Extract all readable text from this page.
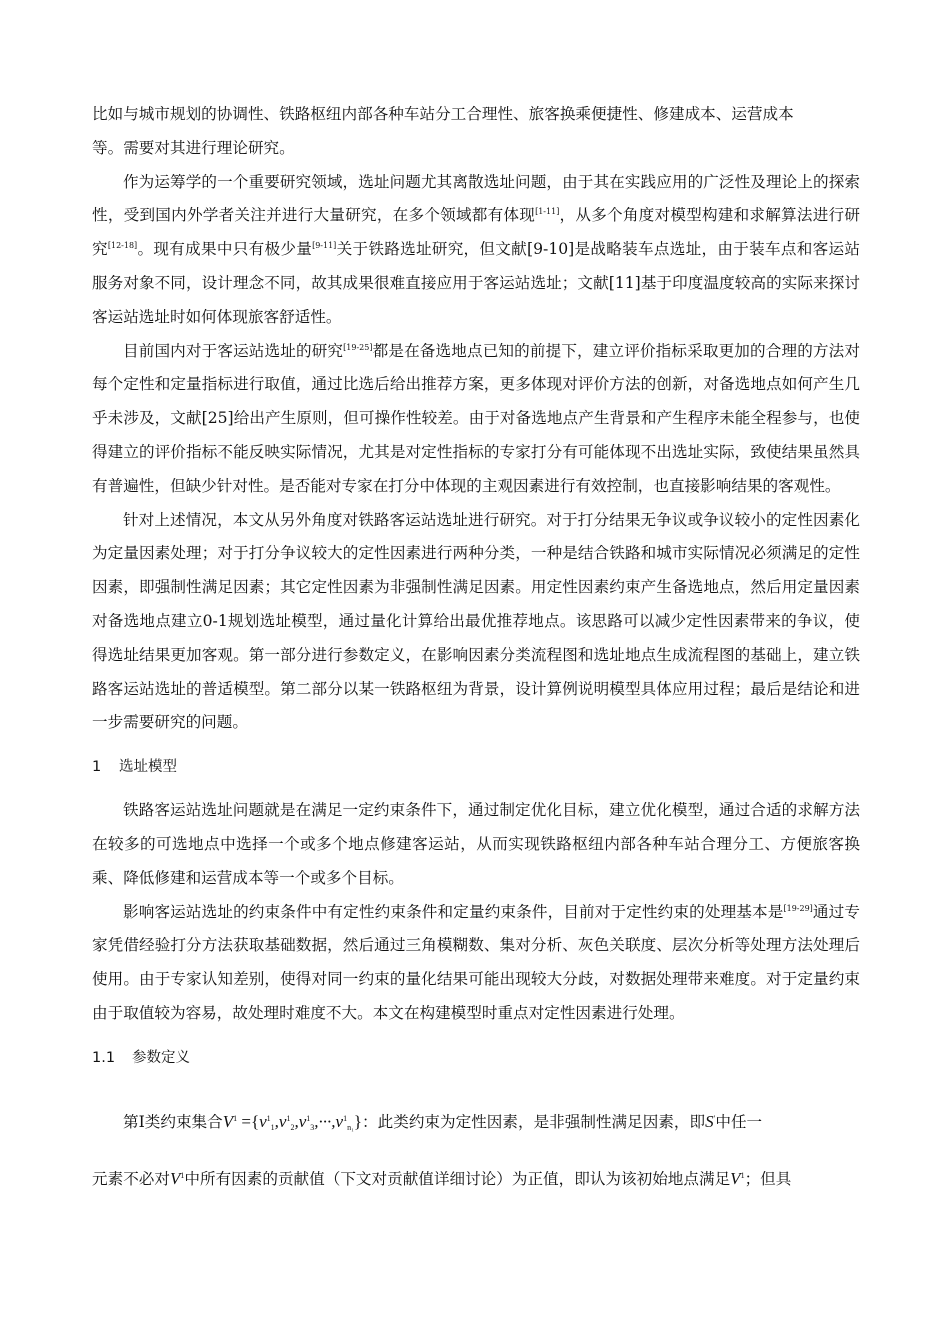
比如与城市规划的协调性、铁路枢纽内部各种车站分工合理性、旅客换乘便捷性、修建成本、运营成本
等。需要对其进行理论研究。

作为运筹学的一个重要研究领域，选址问题尤其离散选址问题，由于其在实践应用的广泛性及理论上的探索性，受到国内外学者关注并进行大量研究，在多个领域都有体现[1-11]，从多个角度对模型构建和求解算法进行研究[12-18]。现有成果中只有极少量[9-11]关于铁路选址研究，但文献[9-10]是战略装车点选址，由于装车点和客运站服务对象不同，设计理念不同，故其成果很难直接应用于客运站选址；文献[11]基于印度温度较高的实际来探讨客运站选址时如何体现旅客舒适性。

目前国内对于客运站选址的研究[19-25]都是在备选地点已知的前提下，建立评价指标采取更加的合理的方法对每个定性和定量指标进行取值，通过比选后给出推荐方案，更多体现对评价方法的创新，对备选地点如何产生几乎未涉及，文献[25]给出产生原则，但可操作性较差。由于对备选地点产生背景和产生程序未能全程参与，也使得建立的评价指标不能反映实际情况，尤其是对定性指标的专家打分有可能体现不出选址实际，致使结果虽然具有普遍性，但缺少针对性。是否能对专家在打分中体现的主观因素进行有效控制，也直接影响结果的客观性。

针对上述情况，本文从另外角度对铁路客运站选址进行研究。对于打分结果无争议或争议较小的定性因素化为定量因素处理；对于打分争议较大的定性因素进行两种分类，一种是结合铁路和城市实际情况必须满足的定性因素，即强制性满足因素；其它定性因素为非强制性满足因素。用定性因素约束产生备选地点，然后用定量因素对备选地点建立0-1规划选址模型，通过量化计算给出最优推荐地点。该思路可以减少定性因素带来的争议，使得选址结果更加客观。第一部分进行参数定义，在影响因素分类流程图和选址地点生成流程图的基础上，建立铁路客运站选址的普适模型。第二部分以某一铁路枢纽为背景，设计算例说明模型具体应用过程；最后是结论和进一步需要研究的问题。

1 选址模型

铁路客运站选址问题就是在满足一定约束条件下，通过制定优化目标，建立优化模型，通过合适的求解方法在较多的可选地点中选择一个或多个地点修建客运站，从而实现铁路枢纽内部各种车站合理分工、方便旅客换乘、降低修建和运营成本等一个或多个目标。

影响客运站选址的约束条件中有定性约束条件和定量约束条件，目前对于定性约束的处理基本是[19-29]通过专家凭借经验打分方法获取基础数据，然后通过三角模糊数、集对分析、灰色关联度、层次分析等处理方法处理后使用。由于专家认知差别，使得对同一约束的量化结果可能出现较大分歧，对数据处理带来难度。对于定量约束由于取值较为容易，故处理时难度不大。本文在构建模型时重点对定性因素进行处理。

1.1 参数定义

第Ⅰ类约束集合$V^1 =\{v^1_1,v^1_2,v^1_3,\cdot\cdot\cdot,v^1_{n_1}\}$：此类约束为定性因素，是非强制性满足因素，即S′中任一

元素不必对$V^1$中所有因素的贡献值（下文对贡献值详细讨论）为正值，即认为该初始地点满足$V^1$；但具
